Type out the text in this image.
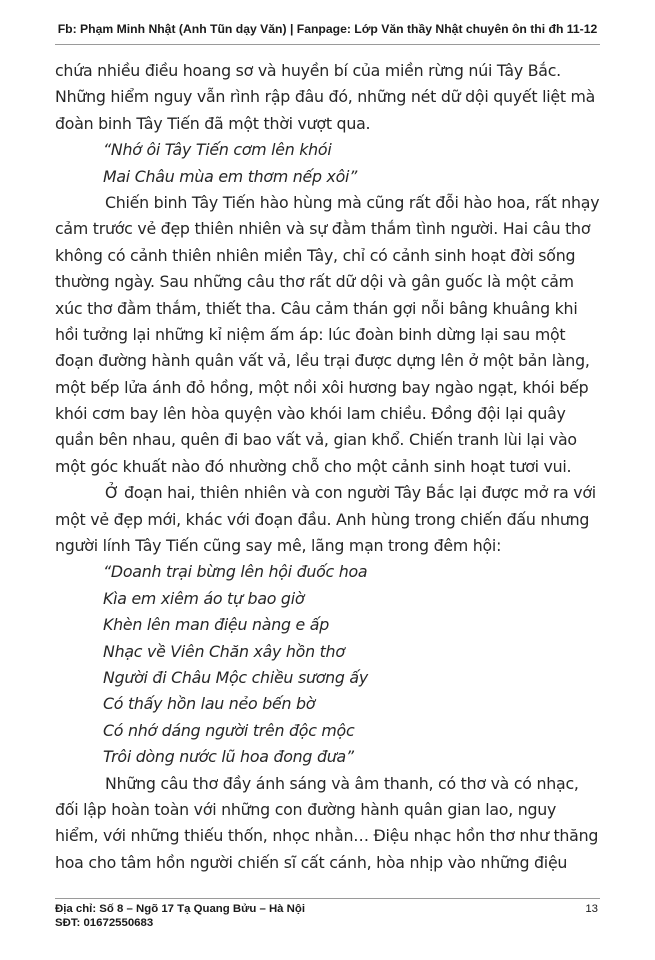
Fb: Phạm Minh Nhật (Anh Tũn dạy Văn) | Fanpage: Lớp Văn thầy Nhật chuyên ôn thi đh 11-12
chứa nhiều điều hoang sơ và huyền bí của miền rừng núi Tây Bắc.
Những hiểm nguy vẫn rình rập đâu đó, những nét dữ dội quyết liệt mà
đoàn binh Tây Tiến đã một thời vượt qua.
“Nhớ ôi Tây Tiến cơm lên khói
Mai Châu mùa em thơm nếp xôi”
Chiến binh Tây Tiến hào hùng mà cũng rất đỗi hào hoa, rất nhạy
cảm trước vẻ đẹp thiên nhiên và sự đằm thắm tình người. Hai câu thơ
không có cảnh thiên nhiên miền Tây, chỉ có cảnh sinh hoạt đời sống
thường ngày. Sau những câu thơ rất dữ dội và gân guốc là một cảm
xúc thơ đằm thắm, thiết tha. Câu cảm thán gợi nỗi bâng khuâng khi
hồi tưởng lại những kỉ niệm ấm áp: lúc đoàn binh dừng lại sau một
đoạn đường hành quân vất vả, lều trại được dựng lên ở một bản làng,
một bếp lửa ánh đỏ hồng, một nồi xôi hương bay ngào ngạt, khói bếp
khói cơm bay lên hòa quyện vào khói lam chiều. Đồng đội lại quây
quần bên nhau, quên đi bao vất vả, gian khổ. Chiến tranh lùi lại vào
một góc khuất nào đó nhường chỗ cho một cảnh sinh hoạt tươi vui.
Ở đoạn hai, thiên nhiên và con người Tây Bắc lại được mở ra với
một vẻ đẹp mới, khác với đoạn đầu. Anh hùng trong chiến đấu nhưng
người lính Tây Tiến cũng say mê, lãng mạn trong đêm hội:
“Doanh trại bừng lên hội đuốc hoa
Kìa em xiêm áo tự bao giờ
Khèn lên man điệu nàng e ấp
Nhạc về Viên Chăn xây hồn thơ
Người đi Châu Mộc chiều sương ấy
Có thấy hồn lau nẻo bến bờ
Có nhớ dáng người trên độc mộc
Trôi dòng nước lũ hoa đong đưa”
Những câu thơ đầy ánh sáng và âm thanh, có thơ và có nhạc,
đối lập hoàn toàn với những con đường hành quân gian lao, nguy
hiểm, với những thiếu thốn, nhọc nhằn… Điệu nhạc hồn thơ như thăng
hoa cho tâm hồn người chiến sĩ cất cánh, hòa nhịp vào những điệu
Địa chỉ: Số 8 – Ngõ 17 Tạ Quang Bửu – Hà Nội
SĐT: 01672550683
13
